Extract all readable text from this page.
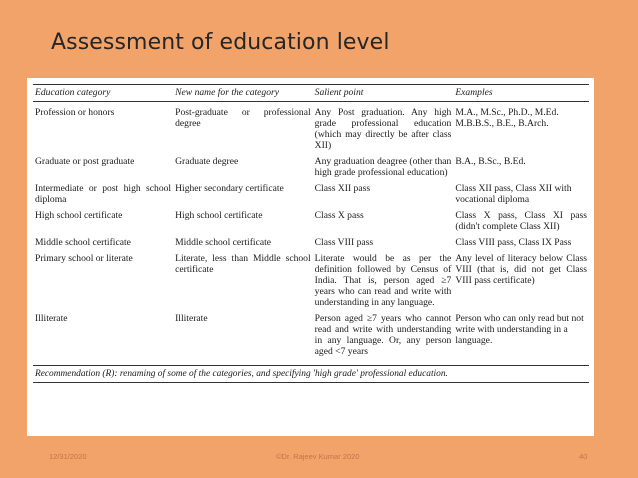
Assessment of education level
Education category	New name for the category	Salient point	Examples
Profession or honors	Post-graduate or professional degree	Any Post graduation. Any high grade professional education (which may directly be after class XII)	M.A., M.Sc., Ph.D., M.Ed. M.B.B.S., B.E., B.Arch.
Graduate or post graduate	Graduate degree	Any graduation deagree (other than high grade professional education)	B.A., B.Sc., B.Ed.
Intermediate or post high school diploma	Higher secondary certificate	Class XII pass	Class XII pass, Class XII with vocational diploma
High school certificate	High school certificate	Class X pass	Class X pass, Class XI pass (didn't complete Class XII)
Middle school certificate	Middle school certificate	Class VIII pass	Class VIII pass, Class IX Pass
Primary school or literate	Literate, less than Middle school certificate	Literate would be as per the definition followed by Census of India. That is, person aged ≥7 years who can read and write with understanding in any language.	Any level of literacy below Class VIII (that is, did not get Class VIII pass certificate)
Illiterate	Illiterate	Person aged ≥7 years who cannot read and write with understanding in any language. Or, any person aged <7 years	Person who can only read but not write with understanding in a language.
Recommendation (R): renaming of some of the categories, and specifying 'high grade' professional education.
12/31/2020	©Dr. Rajeev Kumar 2020	40
